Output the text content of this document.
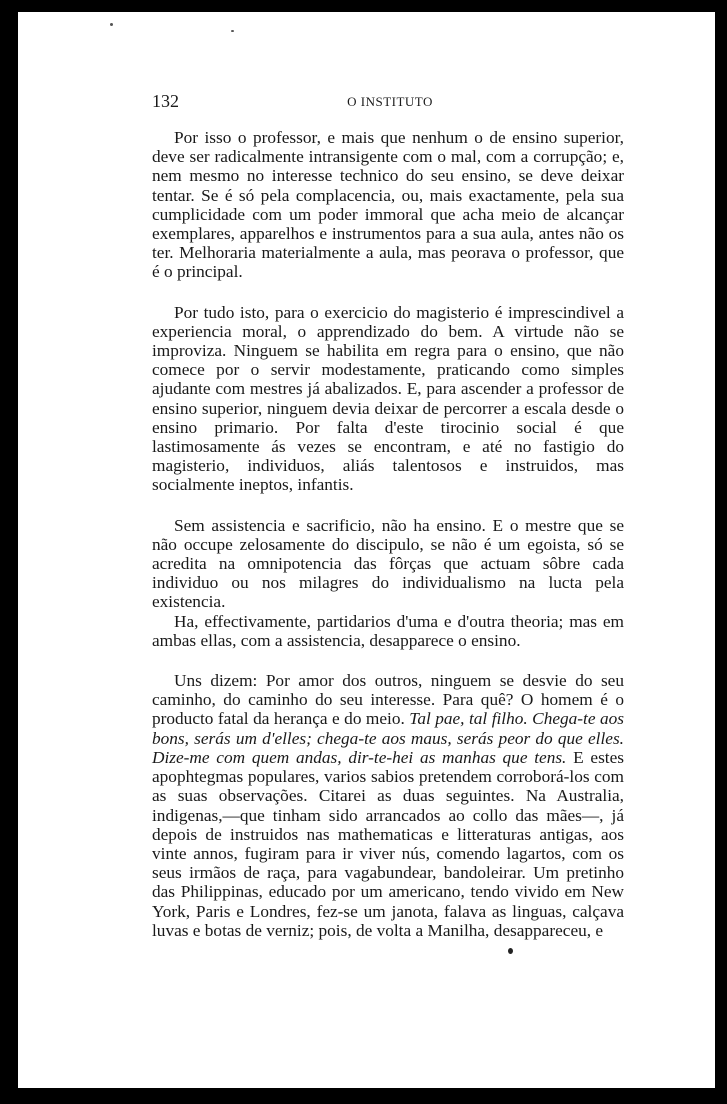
132	O INSTITUTO

Por isso o professor, e mais que nenhum o de ensino superior, deve ser radicalmente intransigente com o mal, com a corrupção; e, nem mesmo no interesse technico do seu ensino, se deve deixar tentar. Se é só pela complacencia, ou, mais exactamente, pela sua cumplicidade com um poder immoral que acha meio de alcançar exemplares, apparelhos e instrumentos para a sua aula, antes não os ter. Melhoraria materialmente a aula, mas peorava o professor, que é o principal.

Por tudo isto, para o exercicio do magisterio é imprescindivel a experiencia moral, o apprendizado do bem. A virtude não se improviza. Ninguem se habilita em regra para o ensino, que não comece por o servir modestamente, praticando como simples ajudante com mestres já abalizados. E, para ascender a professor de ensino superior, ninguem devia deixar de percorrer a escala desde o ensino primario. Por falta d'este tirocinio social é que lastimosamente ás vezes se encontram, e até no fastigio do magisterio, individuos, aliás talentosos e instruidos, mas socialmente ineptos, infantis.

Sem assistencia e sacrificio, não ha ensino. E o mestre que se não occupe zelosamente do discipulo, se não é um egoista, só se acredita na omnipotencia das fôrças que actuam sôbre cada individuo ou nos milagres do individualismo na lucta pela existencia.

Ha, effectivamente, partidarios d'uma e d'outra theoria; mas em ambas ellas, com a assistencia, desapparece o ensino.

Uns dizem: Por amor dos outros, ninguem se desvie do seu caminho, do caminho do seu interesse. Para quê? O homem é o producto fatal da herança e do meio. Tal pae, tal filho. Chega-te aos bons, serás um d'elles; chega-te aos maus, serás peor do que elles. Dize-me com quem andas, dir-te-hei as manhas que tens. E estes apophtegmas populares, varios sabios pretendem corroborá-los com as suas observações. Citarei as duas seguintes. Na Australia, indigenas,—que tinham sido arrancados ao collo das mães—, já depois de instruidos nas mathematicas e litteraturas antigas, aos vinte annos, fugiram para ir viver nús, comendo lagartos, com os seus irmãos de raça, para vagabundear, bandoleirar. Um pretinho das Philippinas, educado por um americano, tendo vivido em New York, Paris e Londres, fez-se um janota, falava as linguas, calçava luvas e botas de verniz; pois, de volta a Manilha, desappareceu, e
